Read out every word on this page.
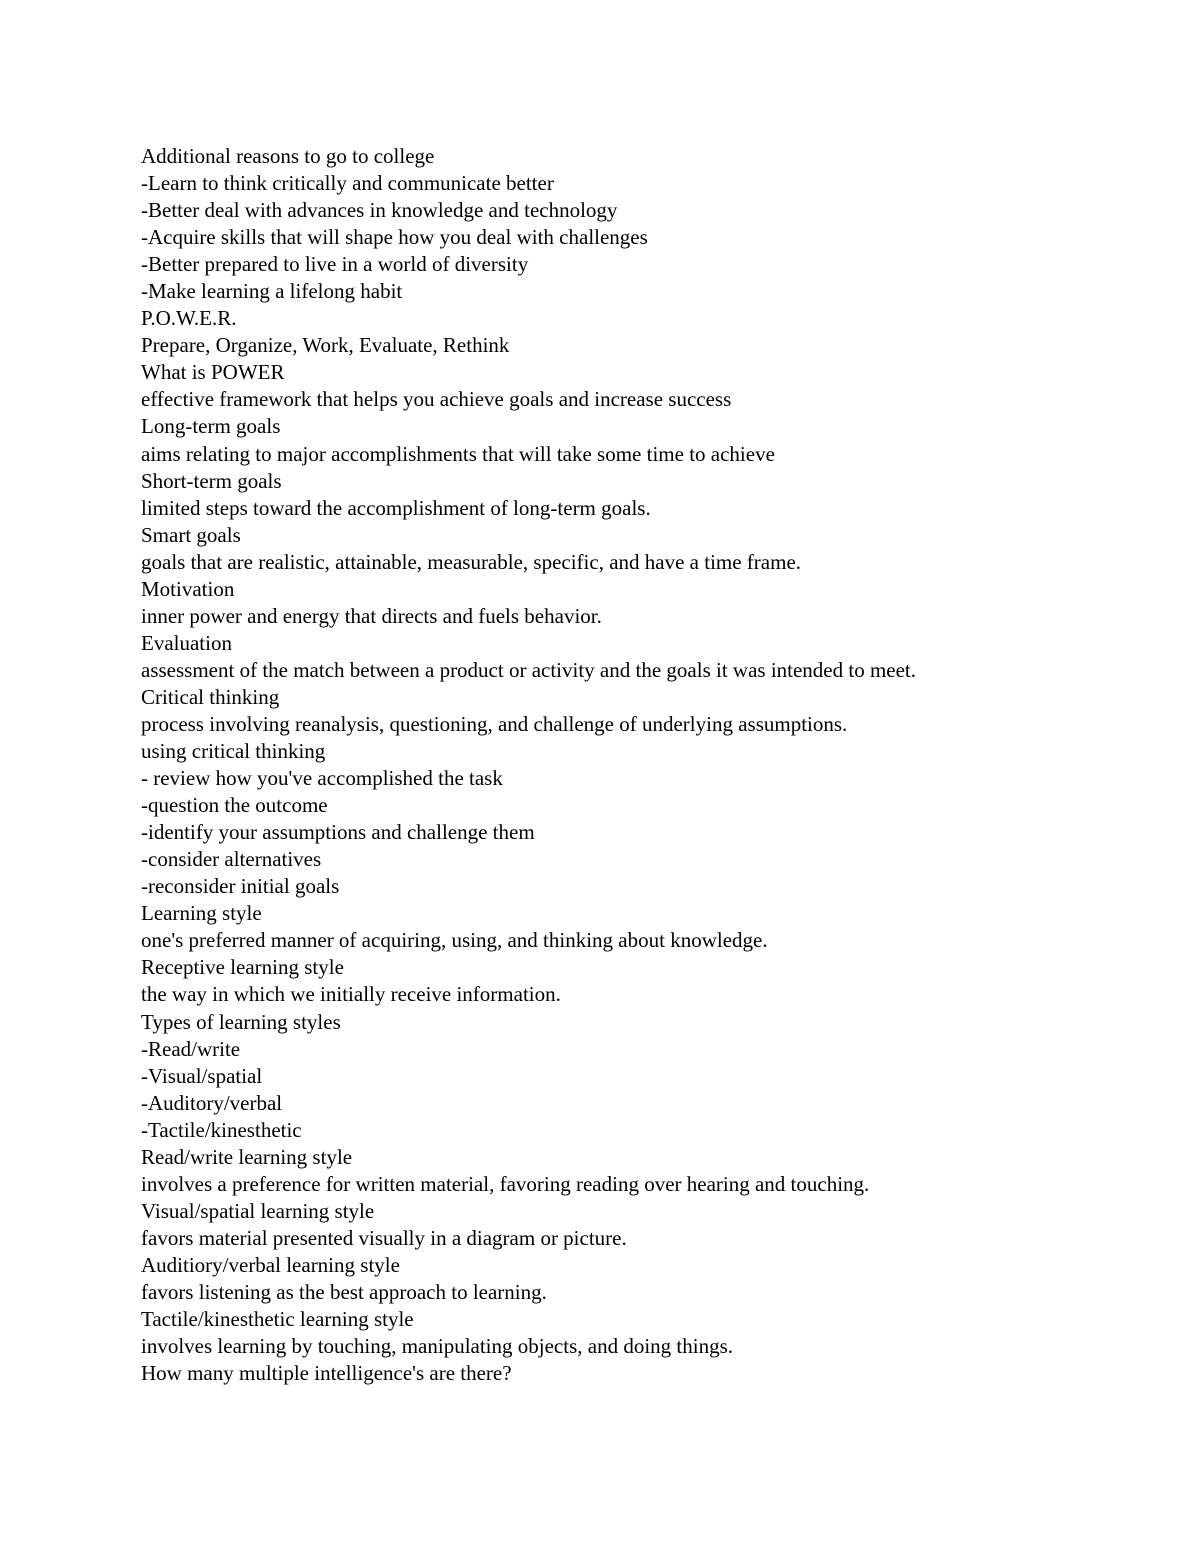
Additional reasons to go to college
-Learn to think critically and communicate better
-Better deal with advances in knowledge and technology
-Acquire skills that will shape how you deal with challenges
-Better prepared to live in a world of diversity
-Make learning a lifelong habit
P.O.W.E.R.
Prepare, Organize, Work, Evaluate, Rethink
What is POWER
effective framework that helps you achieve goals and increase success
Long-term goals
aims relating to major accomplishments that will take some time to achieve
Short-term goals
limited steps toward the accomplishment of long-term goals.
Smart goals
goals that are realistic, attainable, measurable, specific, and have a time frame.
Motivation
inner power and energy that directs and fuels behavior.
Evaluation
assessment of the match between a product or activity and the goals it was intended to meet.
Critical thinking
process involving reanalysis, questioning, and challenge of underlying assumptions.
using critical thinking
- review how you've accomplished the task
-question the outcome
-identify your assumptions and challenge them
-consider alternatives
-reconsider initial goals
Learning style
one's preferred manner of acquiring, using, and thinking about knowledge.
Receptive learning style
the way in which we initially receive information.
Types of learning styles
-Read/write
-Visual/spatial
-Auditory/verbal
-Tactile/kinesthetic
Read/write learning style
involves a preference for written material, favoring reading over hearing and touching.
Visual/spatial learning style
favors material presented visually in a diagram or picture.
Auditiory/verbal learning style
favors listening as the best approach to learning.
Tactile/kinesthetic learning style
involves learning by touching, manipulating objects, and doing things.
How many multiple intelligence's are there?
